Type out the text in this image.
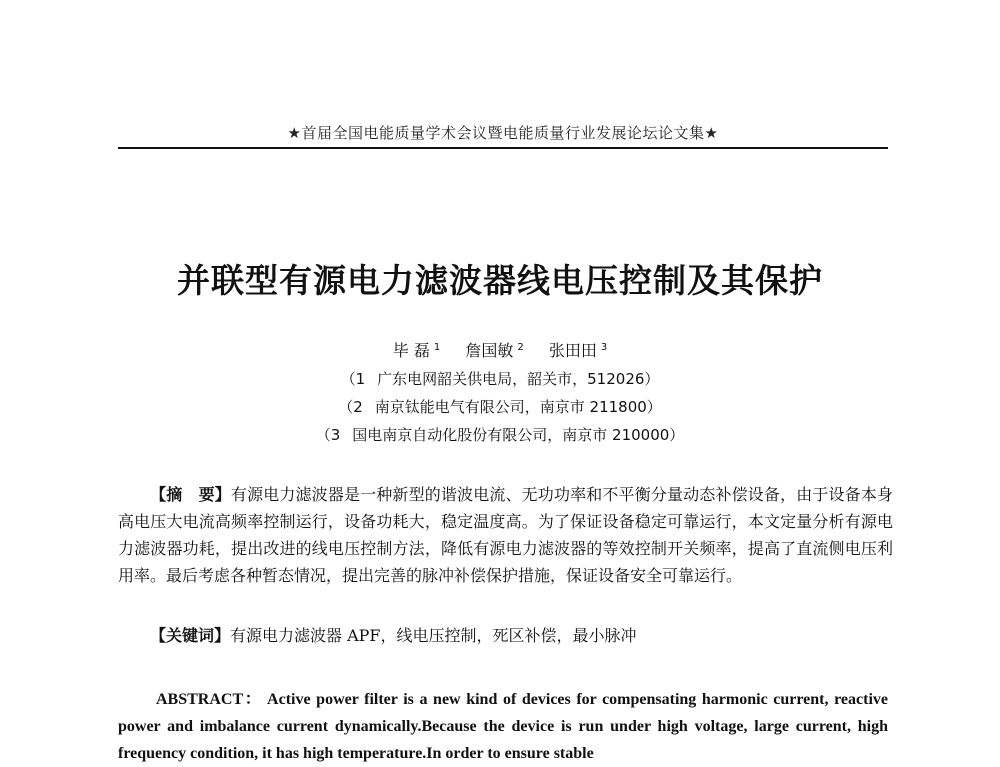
★首届全国电能质量学术会议暨电能质量行业发展论坛论文集★
并联型有源电力滤波器线电压控制及其保护
毕 磊 $^1$ 詹国敏 $^2$ 张田田 $^3$
（1 广东电网韶关供电局，韶关市，512026）
（2 南京钛能电气有限公司，南京市 211800）
（3 国电南京自动化股份有限公司，南京市 210000）
【摘　要】有源电力滤波器是一种新型的谐波电流、无功功率和不平衡分量动态补偿设备，由于设备本身高电压大电流高频率控制运行，设备功耗大，稳定温度高。为了保证设备稳定可靠运行，本文定量分析有源电力滤波器功耗，提出改进的线电压控制方法，降低有源电力滤波器的等效控制开关频率，提高了直流侧电压利用率。最后考虑各种暂态情况，提出完善的脉冲补偿保护措施，保证设备安全可靠运行。
【关键词】有源电力滤波器 APF，线电压控制，死区补偿，最小脉冲
ABSTRACT： Active power filter is a new kind of devices for compensating harmonic current, reactive power and imbalance current dynamically.Because the device is run under high voltage, large current, high frequency condition, it has high temperature.In order to ensure stable
